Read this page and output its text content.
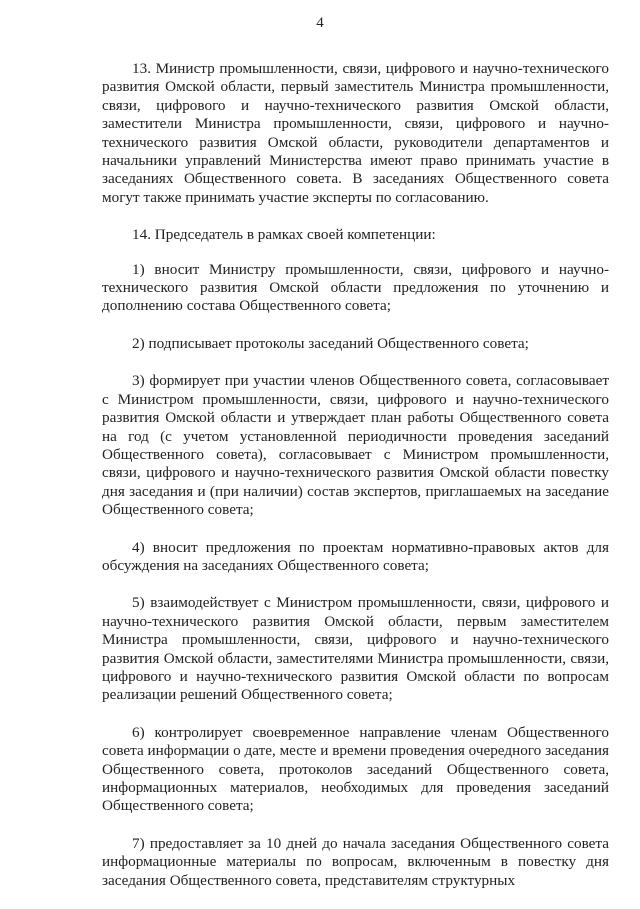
4

13. Министр промышленности, связи, цифрового и научно-технического развития Омской области, первый заместитель Министра промышленности, связи, цифрового и научно-технического развития Омской области, заместители Министра промышленности, связи, цифрового и научно-технического развития Омской области, руководители департаментов и начальники управлений Министерства имеют право принимать участие в заседаниях Общественного совета. В заседаниях Общественного совета могут также принимать участие эксперты по согласованию.

14. Председатель в рамках своей компетенции:

1) вносит Министру промышленности, связи, цифрового и научно-технического развития Омской области предложения по уточнению и дополнению состава Общественного совета;

2) подписывает протоколы заседаний Общественного совета;

3) формирует при участии членов Общественного совета, согласовывает с Министром промышленности, связи, цифрового и научно-технического развития Омской области и утверждает план работы Общественного совета на год (с учетом установленной периодичности проведения заседаний Общественного совета), согласовывает с Министром промышленности, связи, цифрового и научно-технического развития Омской области повестку дня заседания и (при наличии) состав экспертов, приглашаемых на заседание Общественного совета;

4) вносит предложения по проектам нормативно-правовых актов для обсуждения на заседаниях Общественного совета;

5) взаимодействует с Министром промышленности, связи, цифрового и научно-технического развития Омской области, первым заместителем Министра промышленности, связи, цифрового и научно-технического развития Омской области, заместителями Министра промышленности, связи, цифрового и научно-технического развития Омской области по вопросам реализации решений Общественного совета;

6) контролирует своевременное направление членам Общественного совета информации о дате, месте и времени проведения очередного заседания Общественного совета, протоколов заседаний Общественного совета, информационных материалов, необходимых для проведения заседаний Общественного совета;

7) предоставляет за 10 дней до начала заседания Общественного совета информационные материалы по вопросам, включенным в повестку дня заседания Общественного совета, представителям структурных
